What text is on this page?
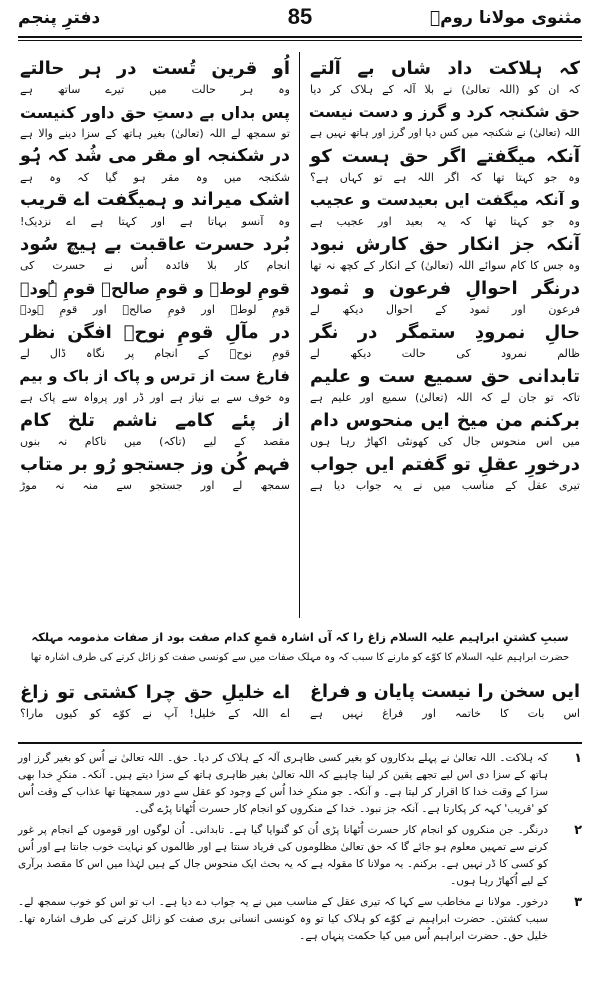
مثنوی مولانا رومؒ
85
دفترِ پنجم
کہ ہلاکت داد شاں بے آلتے
کہ ان کو (اللہ تعالیٰ) نے بلا آلہ کے ہلاک کر دیا
حق شکنجہ کرد و گرز و دست نیست
اللہ (تعالیٰ) نے شکنجہ میں کس دیا اور گرز اور ہاتھ نہیں ہے
آنکہ میگفتے اگر حق ہست کو
وہ جو کہتا تھا کہ اگر اللہ ہے تو کہاں ہے؟
و آنکہ میگفت ایں بعیدست و عجیب
وہ جو کہتا تھا کہ یہ بعید اور عجیب ہے
آنکہ جز انکار حق کارش نبود
وہ جس کا کام سوائے اللہ (تعالیٰ) کے انکار کے کچھ نہ تھا
درنگر احوالِ فرعون و ثمود
فرعون اور ثمود کے احوال دیکھ لے
حالِ نمرودِ ستمگر در نگر
ظالم نمرود کی حالت دیکھ لے
تابدانی حق سمیع ست و علیم
تاکہ تو جان لے کہ اللہ (تعالیٰ) سمیع اور علیم ہے
برکنم من میخ ایں منحوس دام
میں اس منحوس جال کی کھونٹی اکھاڑ رہا ہوں
درخورِ عقلِ تو گفتم ایں جواب
تیری عقل کے مناسب میں نے یہ جواب دیا ہے
اُو قرین تُست در ہر حالتے
وہ ہر حالت میں تیرے ساتھ ہے
پس بداں بے دستِ حق داور کنیست
تو سمجھ لے اللہ (تعالیٰ) بغیر ہاتھ کے سزا دینے والا ہے
در شکنجہ او مقر می شُد کہ ہُو
شکنجہ میں وہ مقر ہو گیا کہ وہ ہے
اشک میراند و ہمیگفت اے قریب
وہ آنسو بہاتا ہے اور کہتا ہے اے نزدیک!
بُرد حسرت عاقبت بے ہیچ سُود
انجام کار بلا فائدہ اُس نے حسرت کی
قومِ لوطؑ و قومِ صالحؑ قومِ ہُودؑ
قومِ لوطؑ اور قومِ صالحؑ اور قومِ ہودؑ
در مآلِ قومِ نوحؑ افگن نظر
قومِ نوحؑ کے انجام پر نگاہ ڈال لے
فارغ ست از ترس و پاک از باک و بیم
وہ خوف سے بے نیاز ہے اور ڈر اور پرواہ سے پاک ہے
از پئے کامے ناشم تلخ کام
مقصد کے لیے (تاکہ) میں ناکام نہ بنوں
فہم کُن وز جستجو رُو بر متاب
سمجھ لے اور جستجو سے منہ نہ موڑ
سببِ کشتنِ ابراہیم علیہ السلام زاغ را کہ آں اشارہ قمعِ کدام صفت بود از صفات مذمومہ مہلکہ
حضرت ابراہیم علیہ السلام کا کوّے کو مارنے کا سبب کہ وہ مہلک صفات میں سے کونسی صفت کو زائل کرنے کی طرف اشارہ تھا
ایں سخن را نیست پایان و فراغ
اس بات کا خاتمہ اور فراغ نہیں ہے
اے خلیلِ حق چرا کشتی تو زاغ
اے اللہ کے خلیل! آپ نے کوّے کو کیوں مارا؟
۱
کہ ہلاکت۔ اللہ تعالیٰ نے پہلے بدکاروں کو بغیر کسی ظاہری آلہ کے ہلاک کر دیا۔ حق۔ اللہ تعالیٰ نے اُس کو بغیر گرز اور ہاتھ کے سزا دی اس لیے تجھے یقین کر لینا چاہیے کہ اللہ تعالیٰ بغیر ظاہری ہاتھ کے سزا دیتے ہیں۔ آنکہ۔ منکرِ خدا بھی سزا کے وقت خدا کا اقرار کر لیتا ہے۔ و آنکہ۔ جو منکرِ خدا اُس کے وجود کو عقل سے دور سمجھتا تھا عذاب کے وقت اُس کو 'قریب' کہہ کر پکارتا ہے۔ آنکہ جز نبود۔ خدا کے منکروں کو انجام کار حسرت اُٹھانا پڑے گی۔
۲
درنگر۔ جن منکروں کو انجام کار حسرت اُٹھانا پڑی اُن کو گنوایا گیا ہے۔ تابدانی۔ اُن لوگوں اور قوموں کے انجام پر غور کرنے سے تمہیں معلوم ہو جائے گا کہ حق تعالیٰ مظلوموں کی فریاد سنتا ہے اور ظالموں کو نہایت خوب جانتا ہے اور اُس کو کسی کا ڈر نہیں ہے۔ برکنم۔ یہ مولانا کا مقولہ ہے کہ یہ بحث ایک منحوس جال کے ہیں لہٰذا میں اس کا مقصد برآری کے لیے اُکھاڑ رہا ہوں۔
۳
درخور۔ مولانا نے مخاطب سے کہا کہ تیری عقل کے مناسب میں نے یہ جواب دے دیا ہے۔ اب تو اس کو خوب سمجھ لے۔ سبب کشتن۔ حضرت ابراہیم نے کوّے کو ہلاک کیا تو وہ کونسی انسانی بری صفت کو زائل کرنے کی طرف اشارہ تھا۔ خلیل حق۔ حضرت ابراہیم اُس میں کیا حکمت پنہاں ہے۔
